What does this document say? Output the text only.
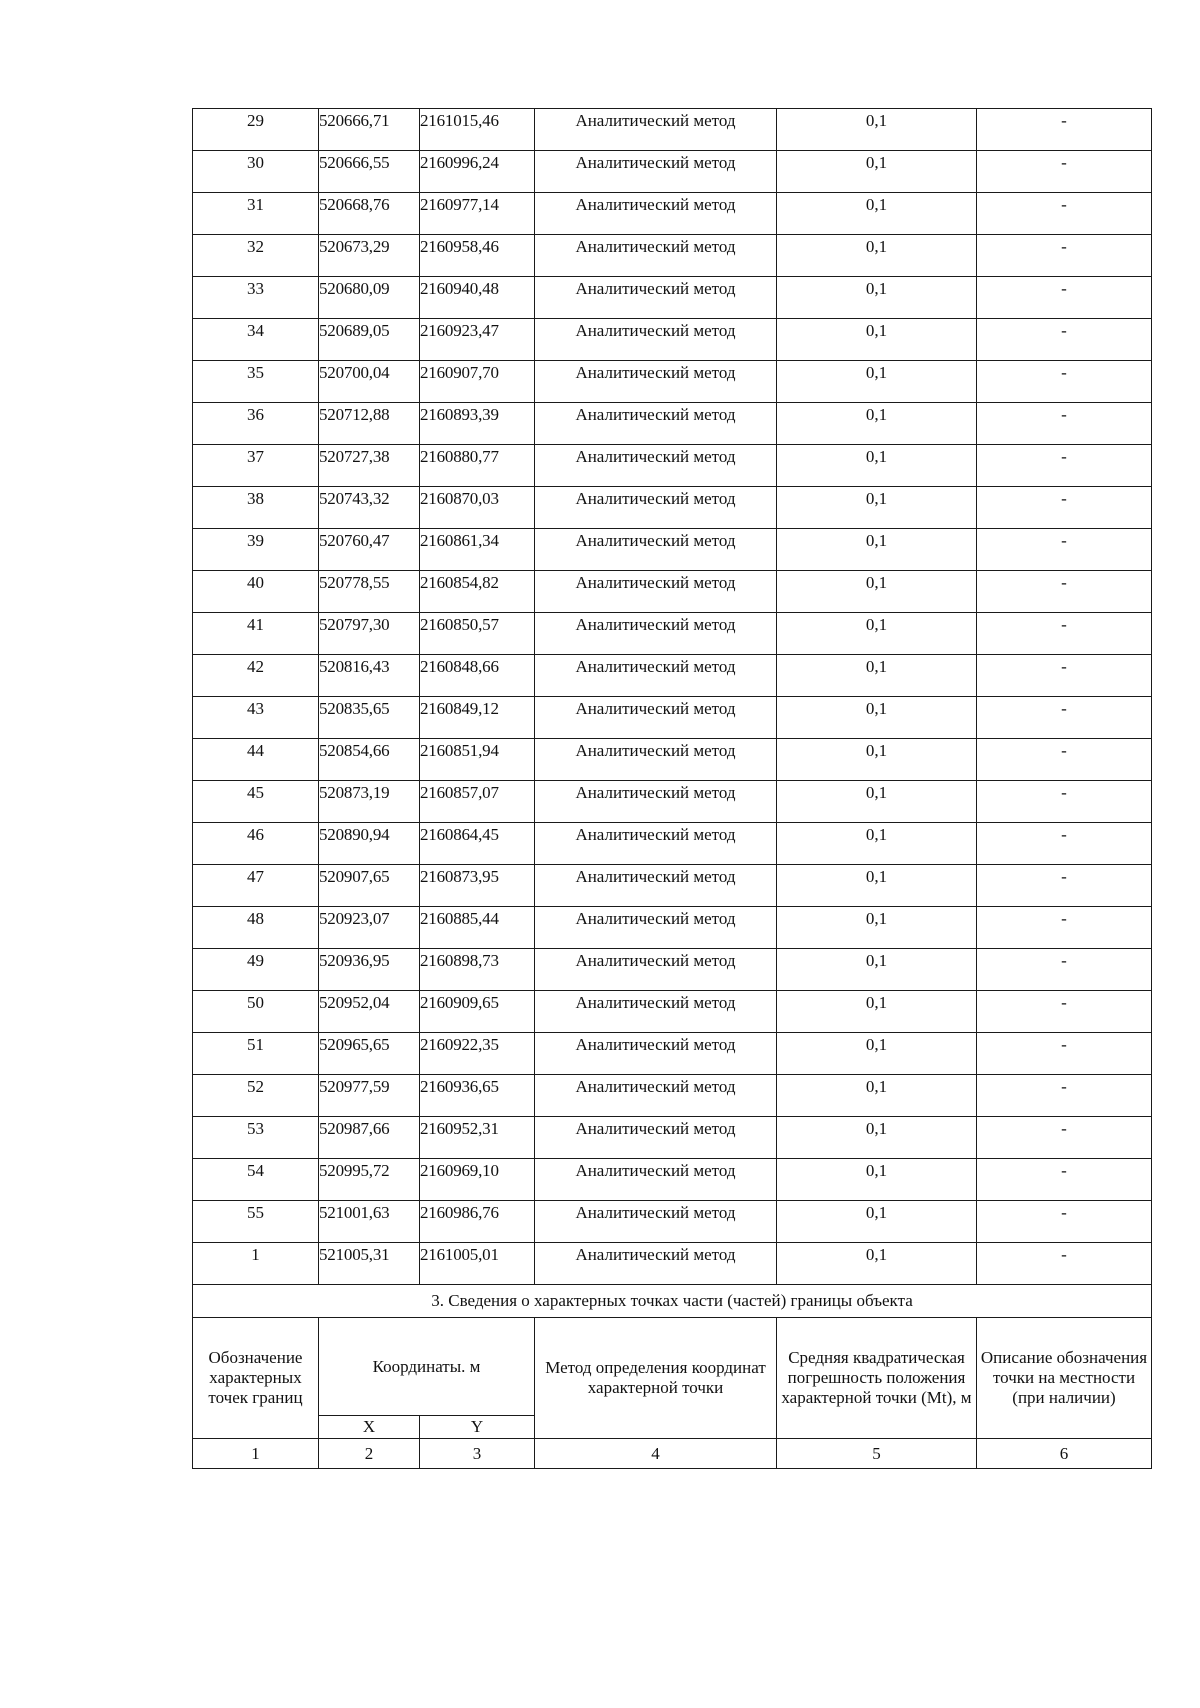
29	520666,71	2161015,46	Аналитический метод	0,1	-

30	520666,55	2160996,24	Аналитический метод	0,1	-

31	520668,76	2160977,14	Аналитический метод	0,1	-

32	520673,29	2160958,46	Аналитический метод	0,1	-

33	520680,09	2160940,48	Аналитический метод	0,1	-

34	520689,05	2160923,47	Аналитический метод	0,1	-

35	520700,04	2160907,70	Аналитический метод	0,1	-

36	520712,88	2160893,39	Аналитический метод	0,1	-

37	520727,38	2160880,77	Аналитический метод	0,1	-

38	520743,32	2160870,03	Аналитический метод	0,1	-

39	520760,47	2160861,34	Аналитический метод	0,1	-

40	520778,55	2160854,82	Аналитический метод	0,1	-

41	520797,30	2160850,57	Аналитический метод	0,1	-

42	520816,43	2160848,66	Аналитический метод	0,1	-

43	520835,65	2160849,12	Аналитический метод	0,1	-

44	520854,66	2160851,94	Аналитический метод	0,1	-

45	520873,19	2160857,07	Аналитический метод	0,1	-

46	520890,94	2160864,45	Аналитический метод	0,1	-

47	520907,65	2160873,95	Аналитический метод	0,1	-

48	520923,07	2160885,44	Аналитический метод	0,1	-

49	520936,95	2160898,73	Аналитический метод	0,1	-

50	520952,04	2160909,65	Аналитический метод	0,1	-

51	520965,65	2160922,35	Аналитический метод	0,1	-

52	520977,59	2160936,65	Аналитический метод	0,1	-

53	520987,66	2160952,31	Аналитический метод	0,1	-

54	520995,72	2160969,10	Аналитический метод	0,1	-

55	521001,63	2160986,76	Аналитический метод	0,1	-

1	521005,31	2161005,01	Аналитический метод	0,1	-

3. Сведения о характерных точках части (частей) границы объекта					
Обозначение характерных точек границ	Координаты. м		Метод определения координат характерной точки	Средняя квадратическая погрешность положения характерной точки (Mt), м	Описание обозначения точки на местности (при наличии)
	X	Y			
1	2	3	4	5	6
